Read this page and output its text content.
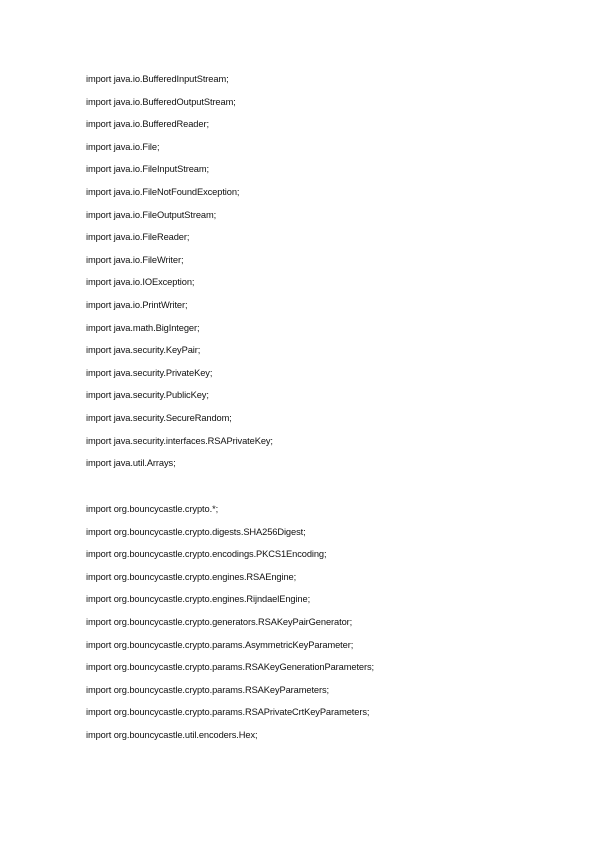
import java.io.BufferedInputStream;
import java.io.BufferedOutputStream;
import java.io.BufferedReader;
import java.io.File;
import java.io.FileInputStream;
import java.io.FileNotFoundException;
import java.io.FileOutputStream;
import java.io.FileReader;
import java.io.FileWriter;
import java.io.IOException;
import java.io.PrintWriter;
import java.math.BigInteger;
import java.security.KeyPair;
import java.security.PrivateKey;
import java.security.PublicKey;
import java.security.SecureRandom;
import java.security.interfaces.RSAPrivateKey;
import java.util.Arrays;
import org.bouncycastle.crypto.*;
import org.bouncycastle.crypto.digests.SHA256Digest;
import org.bouncycastle.crypto.encodings.PKCS1Encoding;
import org.bouncycastle.crypto.engines.RSAEngine;
import org.bouncycastle.crypto.engines.RijndaelEngine;
import org.bouncycastle.crypto.generators.RSAKeyPairGenerator;
import org.bouncycastle.crypto.params.AsymmetricKeyParameter;
import org.bouncycastle.crypto.params.RSAKeyGenerationParameters;
import org.bouncycastle.crypto.params.RSAKeyParameters;
import org.bouncycastle.crypto.params.RSAPrivateCrtKeyParameters;
import org.bouncycastle.util.encoders.Hex;
